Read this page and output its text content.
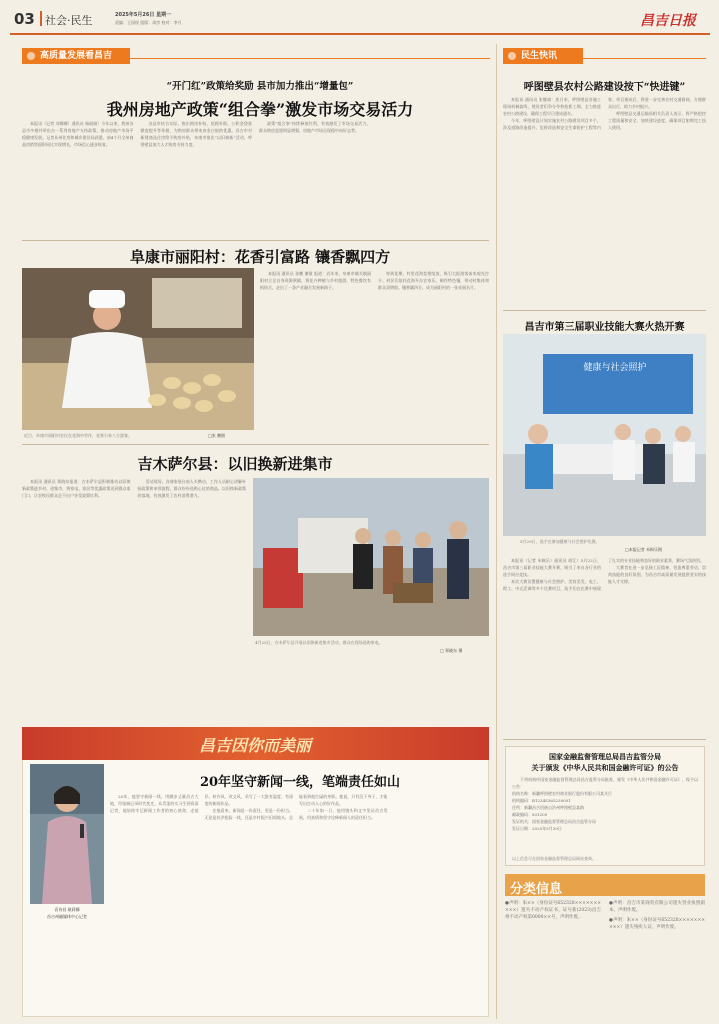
03 社会·民生	2025年5月26日 星期一
责编：王国权 组版：周彦 校对：李月	昌吉日报
高质量发展看昌吉
“开门红”政策给奖励 县市加力推出“增量包”
我州房地产政策“组合拳”激发市场交易活力

本报讯（记者 刘娜娜）通讯员 杨丽娟）今年以来，我州各县市多措并举出台一系列房地产支持政策，推动房地产市场平稳健康发展。记者从州住房和城乡建设局获悉，前4个月全州商品房销售面积同比实现增长，市场信心逐步恢复。

各县市结合实际，推出购房补贴、契税补助、公积金贷款额度提升等举措，为购房群众带来真金白银的优惠。昌吉市对新建商品住房给予购房补贴，阜康市推出“以旧换新”活动，呼图壁县加大人才购房支持力度。

政策“组合拳”持续释放红利，有效激发了市场交易活力，群众购房意愿明显增强，房地产市场呈现稳中向好态势。

阜康市丽阳村：花香引富路 镶香飘四方
近日，阜康市丽阳村农民在花海中劳作，花香引来八方游客。	□张 鹏摄

本报讯 通讯员 张鹏 谢尉 报道：近年来，阜康市城关镇丽阳村立足自身资源禀赋，将花卉种植与乡村旅游、特色餐饮有机结合，走出了一条产业融合发展新路子。

每到花期，村里花海竞相绽放，吸引大批游客前来观光打卡。村民们依托花海开办农家乐、制作特色镶，带动村集体和群众双增收。镶香飘四方，成为丽阳村的一张亮丽名片。

吉木萨尔县：以旧换新进集市

本报讯 通讯员 郑晓东报道：吉木萨尔县积极推动以旧换新政策进乡村、进集市，将家电、家居等优惠政策送到群众家门口，让农牧民群众足不出户享受政策红利。

活动现场，各商家展台前人头攒动，工作人员耐心讲解补贴政策和申领流程，群众纷纷选购心仪的商品。以旧换新政策的落地，有效激发了农村消费潜力。

4月25日，吉木萨尔县开展以旧换新进集市活动，群众在现场选购家电。
□ 郑晓东 摄
昌吉因你而美丽
20年坚守新闻一线，笔端责任如山
袁诗昌 耿莉娜
昌吉州融媒体中心记者

20年，他坚守新闻一线，用脚步丈量昌吉大地，用笔端记录时代变迁。从青涩的实习生到资深记者，他始终牢记新闻工作者的初心使命，走基层、转作风、改文风，采写了一大批有温度、有深度的新闻作品。

在他看来，新闻是一份责任，更是一份担当。无论是抗洪抢险一线，还是乡村振兴田间地头，总能看到他忙碌的身影。他说，只有沉下身子，才能写出打动人心的好作品。

二十年如一日，他用镜头和文字见证昌吉发展，用真情和坚守诠释新闻人的责任担当。

民生快讯
呼图壁县农村公路建设按下“快进键”

本报讯 通讯员 张继斌：连日来，呼图壁县各施工现场机械轰鸣，建设者们争分夺秒抢抓工期，全力推进农村公路建设，确保工程早日建成通车。

今年，呼图壁县计划实施农村公路建设项目多个，涉及道路改造提升、危桥改造和安全生命防护工程等内容。项目建成后，将进一步完善农村交通路网，方便群众出行，助力乡村振兴。

呼图壁县交通运输局相关负责人表示，将严格把控工程质量和安全，加快建设进度，确保项目如期完工投入使用。

昌吉市第三届职业技能大赛火热开赛
健康与社会照护
5月29日，选手在参加健康与社会照护比赛。
□本报记者 米枫乐摄

本报讯（记者 米枫乐）通讯员 胡江）5月22日，昌吉市第三届职业技能大赛开赛，吸引了来自各行业的选手同台竞技。

本次大赛设置健康与社会照护、美容美发、电工、焊工、中式烹调等多个比赛项目，选手们在比赛中展现了扎实的专业技能和良好的职业素养，赛场气氛热烈。

大赛旨在进一步弘扬工匠精神，营造尊重劳动、崇尚技能的良好氛围，为昌吉市高质量发展提供坚实的技能人才支撑。

国家金融监督管理总局昌吉监管分局
关于颁发《中华人民共和国金融许可证》的公告

下列机构经国家金融监督管理总局昌吉监管分局批准，颁发《中华人民共和国金融许可证》，现予以公告：

机构名称：新疆呼图壁农村商业银行股份有限公司某支行

机构编码：B1234S365230001

住所：新疆昌吉回族自治州呼图壁县某路

邮政编码：831200

发证机关：国家金融监督管理总局昌吉监管分局

发证日期：2025年5月20日

以上信息可在国家金融监督管理总局网站查询。
分类信息

●声明：朱××（身份证号652328××××××××××）遗失不动产权证书，证号新(2023)昌吉州不动产权第0000××号，声明作废。

●声明：昌吉市某商贸有限公司遗失营业执照副本，声明作废。

●声明：朱××（身份证号652328××××××××××）遗失残疾人证，声明作废。
